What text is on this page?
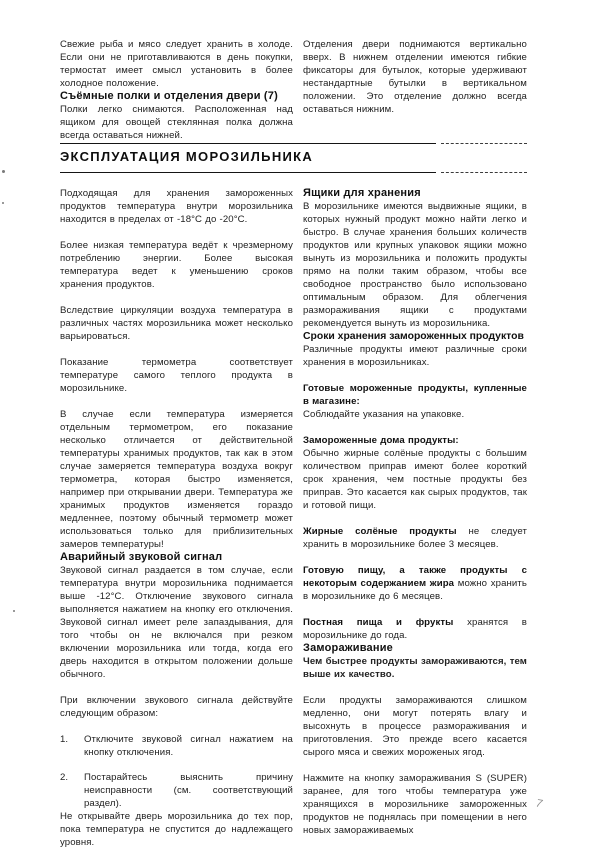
Свежие рыба и мясо следует хранить в холоде. Если они не приготавливаются в день покупки, термостат имеет смысл установить в более холодное положение.

Съёмные полки и отделения двери (7)

Полки легко снимаются. Расположенная над ящиком для овощей стеклянная полка должна всегда оставаться нижней.

Отделения двери поднимаются вертикально вверх. В нижнем отделении имеются гибкие фиксаторы для бутылок, которые удерживают нестандартные бутылки в вертикальном положении. Это отделение должно всегда оставаться нижним.

ЭКСПЛУАТАЦИЯ МОРОЗИЛЬНИКА

Подходящая для хранения замороженных продуктов температура внутри морозильника находится в пределах от -18°С до -20°С.

Более низкая температура ведёт к чрезмерному потреблению энергии. Более высокая температура ведет к уменьшению сроков хранения продуктов.

Вследствие циркуляции воздуха температура в различных частях морозильника может несколько варьироваться.

Показание термометра соответствует температуре самого теплого продукта в морозильнике.

В случае если температура измеряется отдельным термометром, его показание несколько отличается от действительной температуры хранимых продуктов, так как в этом случае замеряется температура воздуха вокруг термометра, которая быстро изменяется, например при открывании двери. Температура же хранимых продуктов изменяется гораздо медленнее, поэтому обычный термометр может использоваться только для приблизительных замеров температуры!

Аварийный звуковой сигнал

Звуковой сигнал раздается в том случае, если температура внутри морозильника поднимается выше -12°С. Отключение звукового сигнала выполняется нажатием на кнопку его отключения. Звуковой сигнал имеет реле запаздывания, для того чтобы он не включался при резком включении морозильника или тогда, когда его дверь находится в открытом положении дольше обычного.

При включении звукового сигнала действуйте следующим образом:

1.	Отключите звуковой сигнал нажатием на кнопку отключения.
2.	Постарайтесь выяснить причину неисправности (см. соответствующий раздел).

Не открывайте дверь морозильника до тех пор, пока температура не спустится до надлежащего уровня.

Ящики для хранения

В морозильнике имеются выдвижные ящики, в которых нужный продукт можно найти легко и быстро. В случае хранения больших количеств продуктов или крупных упаковок ящики можно вынуть из морозильника и положить продукты прямо на полки таким образом, чтобы все свободное пространство было использовано оптимальным образом. Для облегчения размораживания ящики с продуктами рекомендуется вынуть из морозильника.

Сроки хранения замороженных продуктов

Различные продукты имеют различные сроки хранения в морозильниках.

Готовые мороженные продукты, купленные в магазине:
Соблюдайте указания на упаковке.

Замороженные дома продукты:
Обычно жирные солёные продукты с большим количеством приправ имеют более короткий срок хранения, чем постные продукты без приправ. Это касается как сырых продуктов, так и готовой пищи.

Жирные солёные продукты не следует хранить в морозильнике более 3 месяцев.

Готовую пищу, а также продукты с некоторым содержанием жира можно хранить в морозильнике до 6 месяцев.

Постная пища и фрукты хранятся в морозильнике до года.

Замораживание

Чем быстрее продукты замораживаются, тем выше их качество.

Если продукты замораживаются слишком медленно, они могут потерять влагу и высохнуть в процессе размораживания и приготовления. Это прежде всего касается сырого мяса и свежих мороженых ягод.

Нажмите на кнопку замораживания S (SUPER) заранее, для того чтобы температура уже хранящихся в морозильнике замороженных продуктов не поднялась при помещении в него новых замораживаемых

7
